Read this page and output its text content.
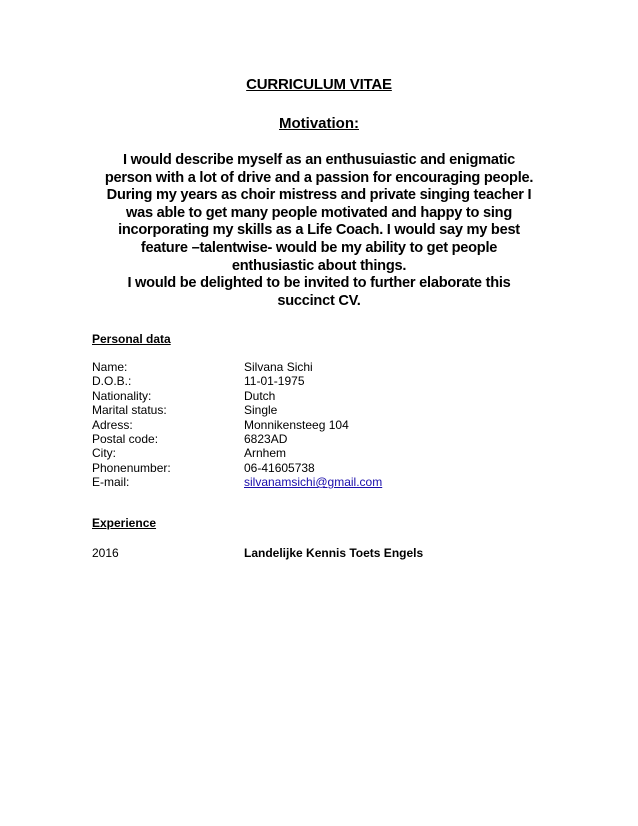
CURRICULUM VITAE
Motivation:
I would describe myself as an enthusuiastic and enigmatic
person with a lot of drive and a passion for encouraging people.
During my years as choir mistress and private singing teacher I
was able to get many people motivated and happy to sing
incorporating my skills as a Life Coach. I would say my best
feature –talentwise- would be my ability to get people
enthusiastic about things.
I would be delighted to be invited to further elaborate this
succinct CV.
Personal data
Name:	Silvana Sichi
D.O.B.:	11-01-1975
Nationality:	Dutch
Marital status:	Single
Adress:	Monnikensteeg 104
Postal code:	6823AD
City:	Arnhem
Phonenumber:	06-41605738
E-mail:	silvanamsichi@gmail.com
Experience
2016	Landelijke Kennis Toets Engels
